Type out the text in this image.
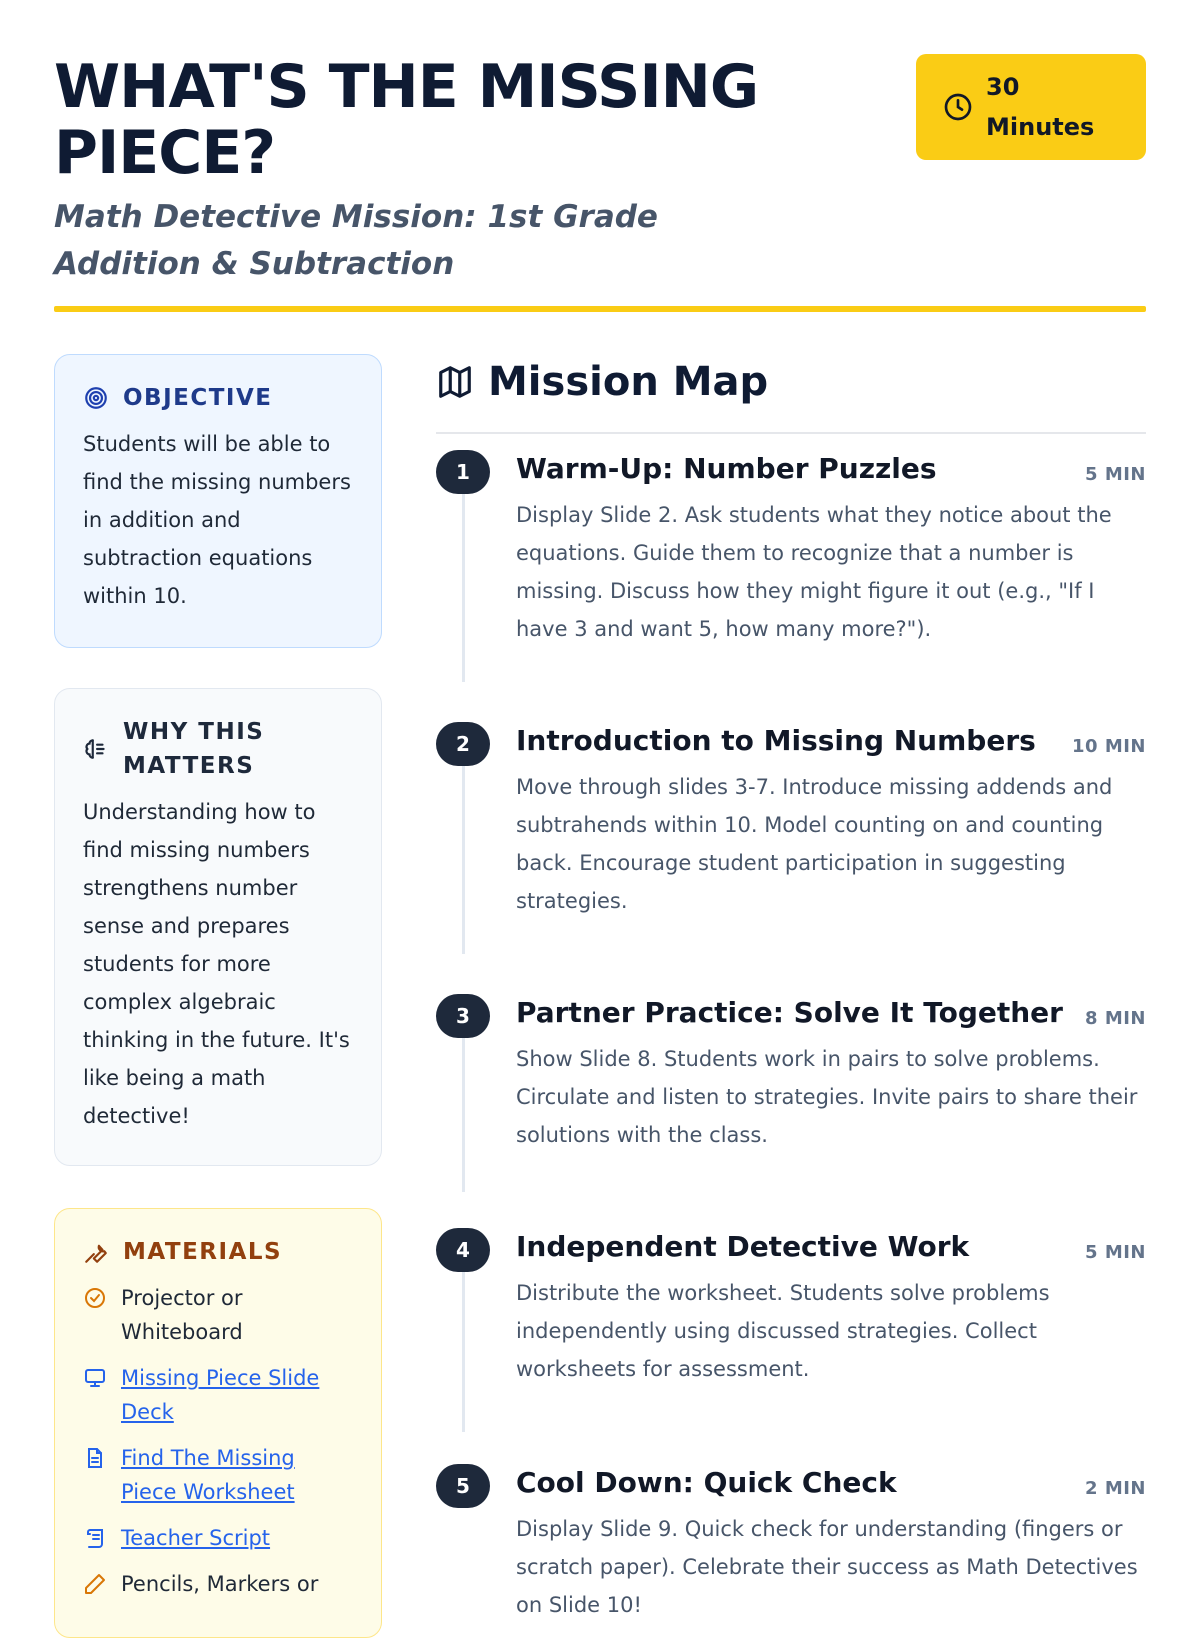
WHAT'S THE MISSING PIECE?
Math Detective Mission: 1st Grade Addition & Subtraction
30 Minutes
OBJECTIVE
Students will be able to find the missing numbers in addition and subtraction equations within 10.
WHY THIS MATTERS
Understanding how to find missing numbers strengthens number sense and prepares students for more complex algebraic thinking in the future. It's like being a math detective!
MATERIALS
Projector or Whiteboard
Missing Piece Slide Deck
Find The Missing Piece Worksheet
Teacher Script
Pencils, Markers or
Mission Map
1	Warm-Up: Number Puzzles	5 MIN
Display Slide 2. Ask students what they notice about the equations. Guide them to recognize that a number is missing. Discuss how they might figure it out (e.g., "If I have 3 and want 5, how many more?").
2	Introduction to Missing Numbers 10 MIN
Move through slides 3-7. Introduce missing addends and subtrahends within 10. Model counting on and counting back. Encourage student participation in suggesting strategies.
3	Partner Practice: Solve It Together 8 MIN
Show Slide 8. Students work in pairs to solve problems. Circulate and listen to strategies. Invite pairs to share their solutions with the class.
4	Independent Detective Work	5 MIN
Distribute the worksheet. Students solve problems independently using discussed strategies. Collect worksheets for assessment.
5	Cool Down: Quick Check	2 MIN
Display Slide 9. Quick check for understanding (fingers or scratch paper). Celebrate their success as Math Detectives on Slide 10!
